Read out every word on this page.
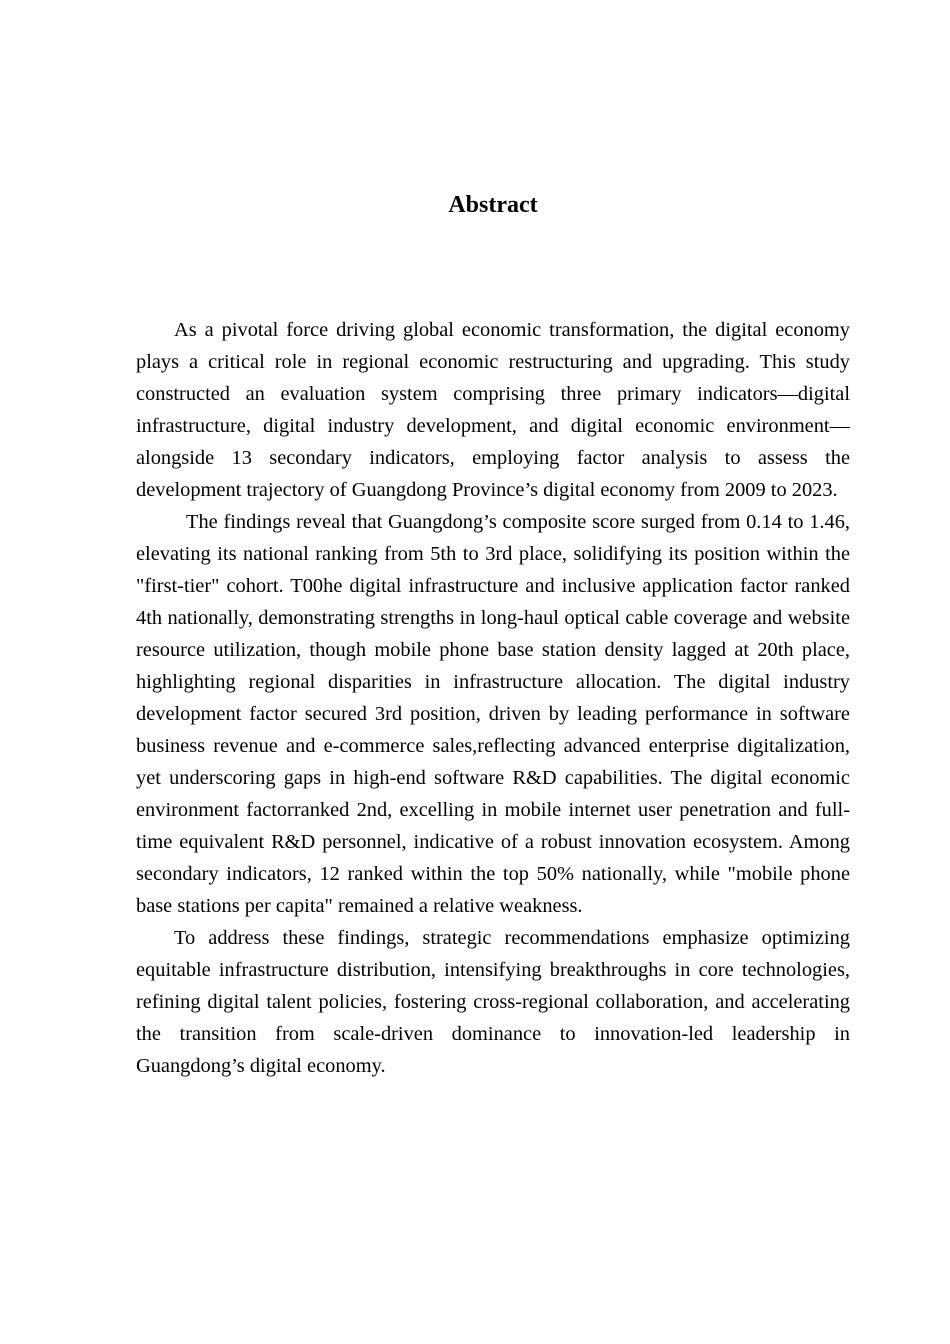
Abstract

As a pivotal force driving global economic transformation, the digital economy plays a critical role in regional economic restructuring and upgrading. This study constructed an evaluation system comprising three primary indicators—digital infrastructure, digital industry development, and digital economic environment—alongside 13 secondary indicators, employing factor analysis to assess the development trajectory of Guangdong Province’s digital economy from 2009 to 2023.

The findings reveal that Guangdong’s composite score surged from 0.14 to 1.46, elevating its national ranking from 5th to 3rd place, solidifying its position within the "first-tier" cohort. T00he digital infrastructure and inclusive application factor ranked 4th nationally, demonstrating strengths in long-haul optical cable coverage and website resource utilization, though mobile phone base station density lagged at 20th place, highlighting regional disparities in infrastructure allocation. The digital industry development factor secured 3rd position, driven by leading performance in software business revenue and e-commerce sales,reflecting advanced enterprise digitalization, yet underscoring gaps in high-end software R&D capabilities. The digital economic environment factorranked 2nd, excelling in mobile internet user penetration and full-time equivalent R&D personnel, indicative of a robust innovation ecosystem. Among secondary indicators, 12 ranked within the top 50% nationally, while "mobile phone base stations per capita" remained a relative weakness.

To address these findings, strategic recommendations emphasize optimizing equitable infrastructure distribution, intensifying breakthroughs in core technologies, refining digital talent policies, fostering cross-regional collaboration, and accelerating the transition from scale-driven dominance to innovation-led leadership in Guangdong’s digital economy.
